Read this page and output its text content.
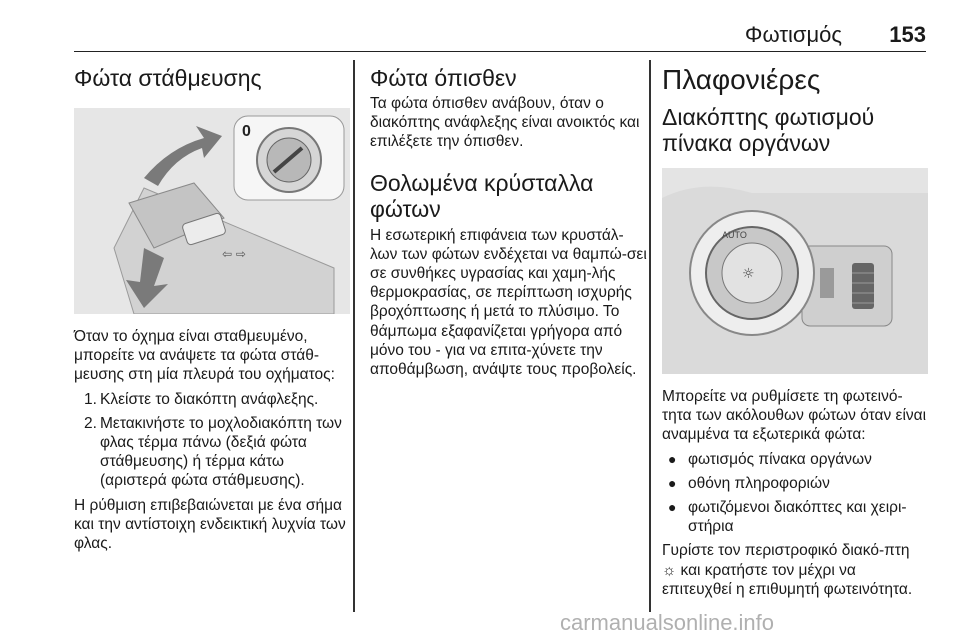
Φωτισμός 153
Φώτα στάθμευσης
⇦ ⇨
0

Όταν το όχημα είναι σταθμευμένο, μπορείτε να ανάψετε τα φώτα στάθ-μευσης στη μία πλευρά του οχήματος:

1. Κλείστε το διακόπτη ανάφλεξης.
2. Μετακινήστε το μοχλοδιακόπτη των φλας τέρμα πάνω (δεξιά φώτα στάθμευσης) ή τέρμα κάτω (αριστερά φώτα στάθμευσης).

Η ρύθμιση επιβεβαιώνεται με ένα σήμα και την αντίστοιχη ενδεικτική λυχνία των φλας.

Φώτα όπισθεν

Τα φώτα όπισθεν ανάβουν, όταν ο διακόπτης ανάφλεξης είναι ανοικτός και επιλέξετε την όπισθεν.

Θολωμένα κρύσταλλα φώτων

Η εσωτερική επιφάνεια των κρυστάλ-λων των φώτων ενδέχεται να θαμπώ-σει σε συνθήκες υγρασίας και χαμη-λής θερμοκρασίας, σε περίπτωση ισχυρής βροχόπτωσης ή μετά το πλύσιμο. Το θάμπωμα εξαφανίζεται γρήγορα από μόνο του - για να επιτα-χύνετε την αποθάμβωση, ανάψτε τους προβολείς.

Πλαφονιέρες
Διακόπτης φωτισμού πίνακα οργάνων
☼
AUTO

Μπορείτε να ρυθμίσετε τη φωτεινό-τητα των ακόλουθων φώτων όταν είναι αναμμένα τα εξωτερικά φώτα:

● φωτισμός πίνακα οργάνων
● οθόνη πληροφοριών
● φωτιζόμενοι διακόπτες και χειρι-στήρια

Γυρίστε τον περιστροφικό διακό-πτη ☼ και κρατήστε τον μέχρι να επιτευχθεί η επιθυμητή φωτεινότητα.

carmanualsonline.info
